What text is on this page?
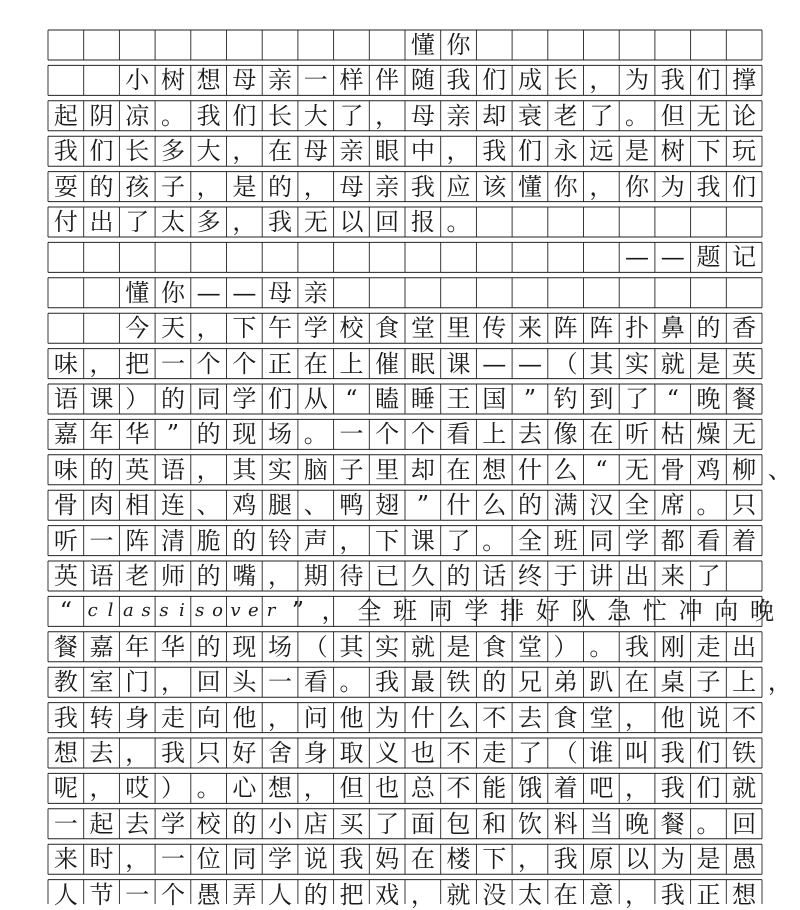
懂 你
小 树 想 母 亲 一 样 伴 随 我 们 成 长 ， 为 我 们 撑
起 阴 凉 。 我 们 长 大 了 ， 母 亲 却 衰 老 了 。 但 无 论
我 们 长 多 大 ， 在 母 亲 眼 中 ， 我 们 永 远 是 树 下 玩
耍 的 孩 子 ， 是 的 ， 母 亲 我 应 该 懂 你 ， 你 为 我 们
付 出 了 太 多 ， 我 无 以 回 报 。
— — 题 记
懂 你 — — 母 亲
今 天 ， 下 午 学 校 食 堂 里 传 来 阵 阵 扑 鼻 的 香
味 ， 把 一 个 个 正 在 上 催 眠 课 — — （ 其 实 就 是 英
语 课 ） 的 同 学 们 从 “ 瞌 睡 王 国 ” 钓 到 了 “ 晚 餐
嘉 年 华 ” 的 现 场 。 一 个 个 看 上 去 像 在 听 枯 燥 无
味 的 英 语 ， 其 实 脑 子 里 却 在 想 什 么 “ 无 骨 鸡 柳 、
骨 肉 相 连 、 鸡 腿 、 鸭 翅 ” 什 么 的 满 汉 全 席 。 只
听 一 阵 清 脆 的 铃 声 ， 下 课 了 。 全 班 同 学 都 看 着
英 语 老 师 的 嘴 ， 期 待 已 久 的 话 终 于 讲 出 来 了
“ c l a s s i s o v e r ” ， 全 班 同 学 排 好 队 急 忙 冲 向 晚
餐 嘉 年 华 的 现 场 （ 其 实 就 是 食 堂 ） 。 我 刚 走 出
教 室 门 ， 回 头 一 看 。 我 最 铁 的 兄 弟 趴 在 桌 子 上 ，
我 转 身 走 向 他 ， 问 他 为 什 么 不 去 食 堂 ， 他 说 不
想 去 ， 我 只 好 舍 身 取 义 也 不 走 了 （ 谁 叫 我 们 铁
呢 ， 哎 ） 。 心 想 ， 但 也 总 不 能 饿 着 吧 ， 我 们 就
一 起 去 学 校 的 小 店 买 了 面 包 和 饮 料 当 晚 餐 。 回
来 时 ， 一 位 同 学 说 我 妈 在 楼 下 ， 我 原 以 为 是 愚
人 节 一 个 愚 弄 人 的 把 戏 ， 就 没 太 在 意 ， 我 正 想
